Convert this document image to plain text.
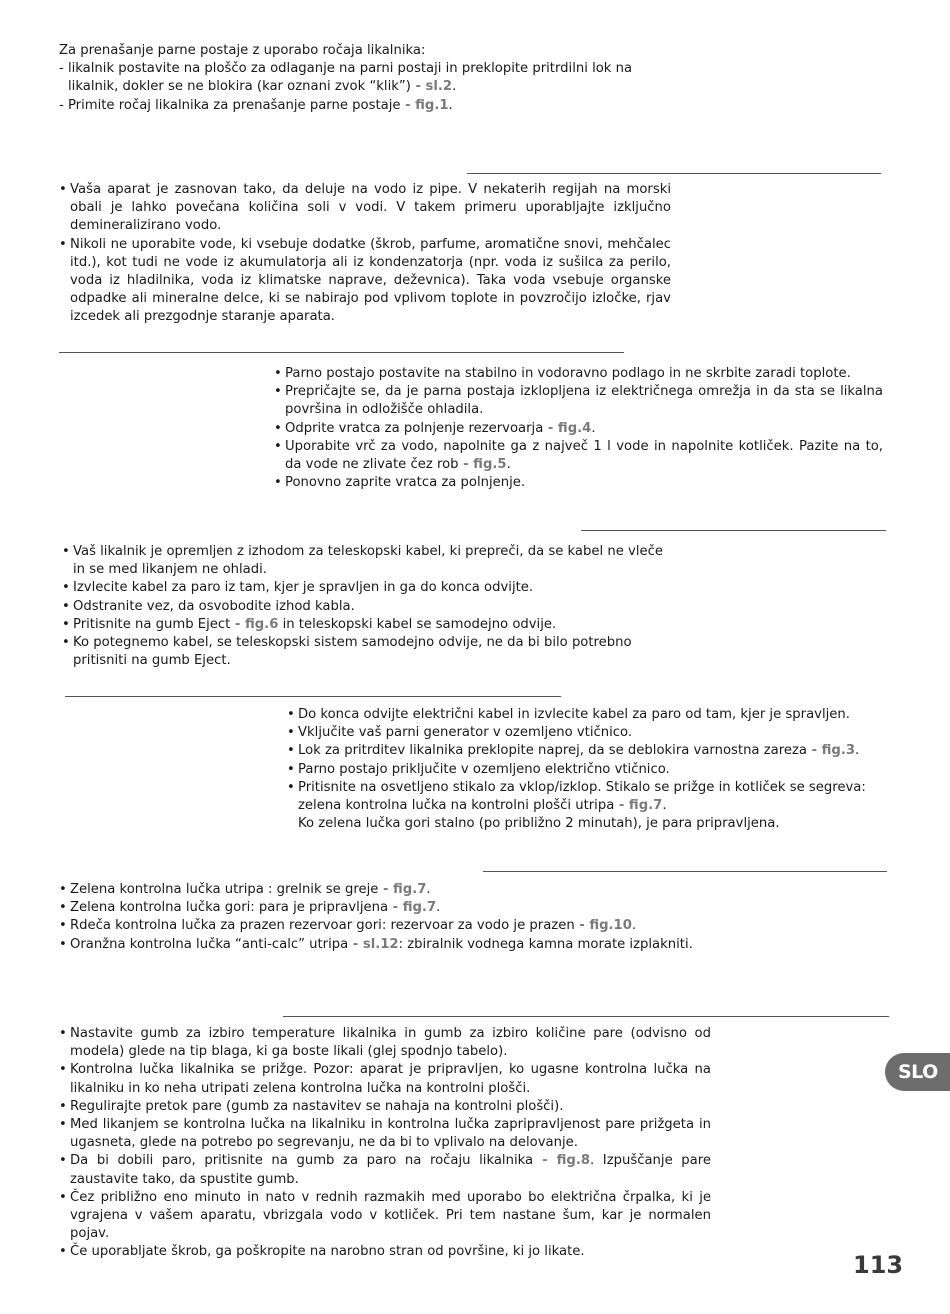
Za prenašanje parne postaje z uporabo ročaja likalnika:

- likalnik postavite na ploščo za odlaganje na parni postaji in preklopite pritrdilni lok na likalnik, dokler se ne blokira (kar oznani zvok “klik”) - sl.2.

- Primite ročaj likalnika za prenašanje parne postaje - fig.1.

• Vaša aparat je zasnovan tako, da deluje na vodo iz pipe. V nekaterih regijah na morski obali je lahko povečana količina soli v vodi. V takem primeru uporabljajte izključno demineralizirano vodo.
• Nikoli ne uporabite vode, ki vsebuje dodatke (škrob, parfume, aromatične snovi, mehčalec itd.), kot tudi ne vode iz akumulatorja ali iz kondenzatorja (npr. voda iz sušilca za perilo, voda iz hladilnika, voda iz klimatske naprave, deževnica). Taka voda vsebuje organske odpadke ali mineralne delce, ki se nabirajo pod vplivom toplote in povzročijo izločke, rjav izcedek ali prezgodnje staranje aparata.
• Parno postajo postavite na stabilno in vodoravno podlago in ne skrbite zaradi toplote.
• Prepričajte se, da je parna postaja izklopljena iz električnega omrežja in da sta se likalna površina in odložišče ohladila.
• Odprite vratca za polnjenje rezervoarja - fig.4.
• Uporabite vrč za vodo, napolnite ga z največ 1 l vode in napolnite kotliček. Pazite na to, da vode ne zlivate čez rob - fig.5.
• Ponovno zaprite vratca za polnjenje.
• Vaš likalnik je opremljen z izhodom za teleskopski kabel, ki prepreči, da se kabel ne vleče in se med likanjem ne ohladi.
• Izvlecite kabel za paro iz tam, kjer je spravljen in ga do konca odvijte.
• Odstranite vez, da osvobodite izhod kabla.
• Pritisnite na gumb Eject - fig.6 in teleskopski kabel se samodejno odvije.
• Ko potegnemo kabel, se teleskopski sistem samodejno odvije, ne da bi bilo potrebno pritisniti na gumb Eject.
• Do konca odvijte električni kabel in izvlecite kabel za paro od tam, kjer je spravljen.
• Vključite vaš parni generator v ozemljeno vtičnico.
• Lok za pritrditev likalnika preklopite naprej, da se deblokira varnostna zareza - fig.3.
• Parno postajo priključite v ozemljeno električno vtičnico.
• Pritisnite na osvetljeno stikalo za vklop/izklop. Stikalo se prižge in kotliček se segreva: zelena kontrolna lučka na kontrolni plošči utripa - fig.7.

Ko zelena lučka gori stalno (po približno 2 minutah), je para pripravljena.

• Zelena kontrolna lučka utripa : grelnik se greje - fig.7.
• Zelena kontrolna lučka gori: para je pripravljena - fig.7.
• Rdeča kontrolna lučka za prazen rezervoar gori: rezervoar za vodo je prazen - fig.10.
• Oranžna kontrolna lučka “anti-calc” utripa - sl.12: zbiralnik vodnega kamna morate izplakniti.
• Nastavite gumb za izbiro temperature likalnika in gumb za izbiro količine pare (odvisno od modela) glede na tip blaga, ki ga boste likali (glej spodnjo tabelo).
• Kontrolna lučka likalnika se prižge. Pozor: aparat je pripravljen, ko ugasne kontrolna lučka na likalniku in ko neha utripati zelena kontrolna lučka na kontrolni plošči.
• Regulirajte pretok pare (gumb za nastavitev se nahaja na kontrolni plošči).
• Med likanjem se kontrolna lučka na likalniku in kontrolna lučka zapripravljenost pare prižgeta in ugasneta, glede na potrebo po segrevanju, ne da bi to vplivalo na delovanje.
• Da bi dobili paro, pritisnite na gumb za paro na ročaju likalnika - fig.8. Izpuščanje pare zaustavite tako, da spustite gumb.
• Čez približno eno minuto in nato v rednih razmakih med uporabo bo električna črpalka, ki je vgrajena v vašem aparatu, vbrizgala vodo v kotliček. Pri tem nastane šum, kar je normalen pojav.
• Če uporabljate škrob, ga poškropite na narobno stran od površine, ki jo likate.
SLO
113
